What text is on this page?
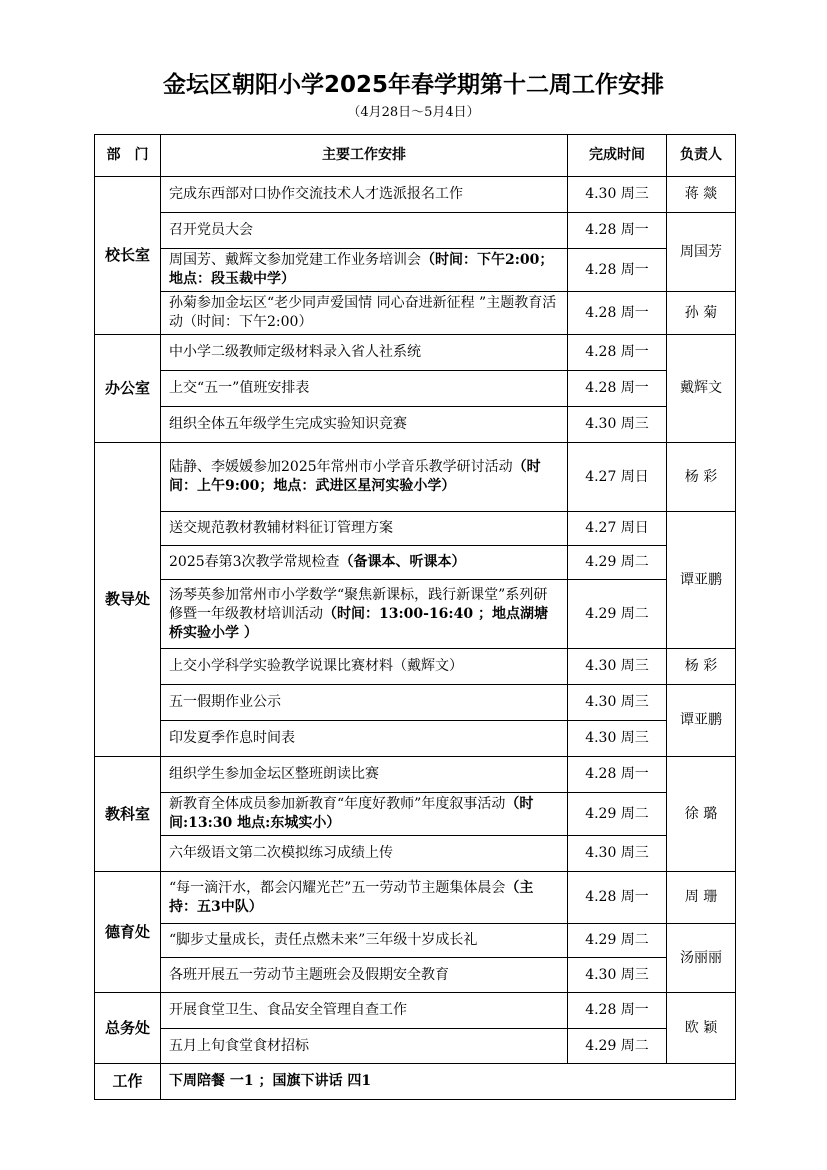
金坛区朝阳小学2025年春学期第十二周工作安排
（4月28日～5月4日）
部　门	主要工作安排	完成时间	负责人
校长室	完成东西部对口协作交流技术人才选派报名工作	4.30 周三	蒋 燚
	召开党员大会	4.28 周一	周国芳
	周国芳、戴辉文参加党建工作业务培训会（时间：下午2:00；地点：段玉裁中学）	4.28 周一	
	孙菊参加金坛区“老少同声爱国情 同心奋进新征程 ”主题教育活动（时间：下午2:00）	4.28 周一	孙 菊
办公室	中小学二级教师定级材料录入省人社系统	4.28 周一	戴辉文
	上交“五一”值班安排表	4.28 周一	
	组织全体五年级学生完成实验知识竞赛	4.30 周三	
教导处	陆静、李媛媛参加2025年常州市小学音乐教学研讨活动（时间：上午9:00；地点：武进区星河实验小学）	4.27 周日	杨 彩
	送交规范教材教辅材料征订管理方案	4.27 周日	谭亚鹏
	2025春第3次教学常规检查（备课本、听课本）	4.29 周二	
	汤琴英参加常州市小学数学“聚焦新课标，践行新课堂”系列研修暨一年级教材培训活动（时间：13:00-16:40 ；地点湖塘桥实验小学 ）	4.29 周二	
	上交小学科学实验教学说课比赛材料（戴辉文）	4.30 周三	杨 彩
	五一假期作业公示	4.30 周三	谭亚鹏
	印发夏季作息时间表	4.30 周三	
教科室	组织学生参加金坛区整班朗读比赛	4.28 周一	徐 璐
	新教育全体成员参加新教育“年度好教师”年度叙事活动（时间:13:30 地点:东城实小）	4.29 周二	
	六年级语文第二次模拟练习成绩上传	4.30 周三	
德育处	“每一滴汗水，都会闪耀光芒”五一劳动节主题集体晨会（主持：五3中队）	4.28 周一	周 珊
	“脚步丈量成长，责任点燃未来”三年级十岁成长礼	4.29 周二	汤丽丽
	各班开展五一劳动节主题班会及假期安全教育	4.30 周三	
总务处	开展食堂卫生、食品安全管理自查工作	4.28 周一	欧 颖
	五月上旬食堂食材招标	4.29 周二	
工作	下周陪餐 一1 ；国旗下讲话 四1		
